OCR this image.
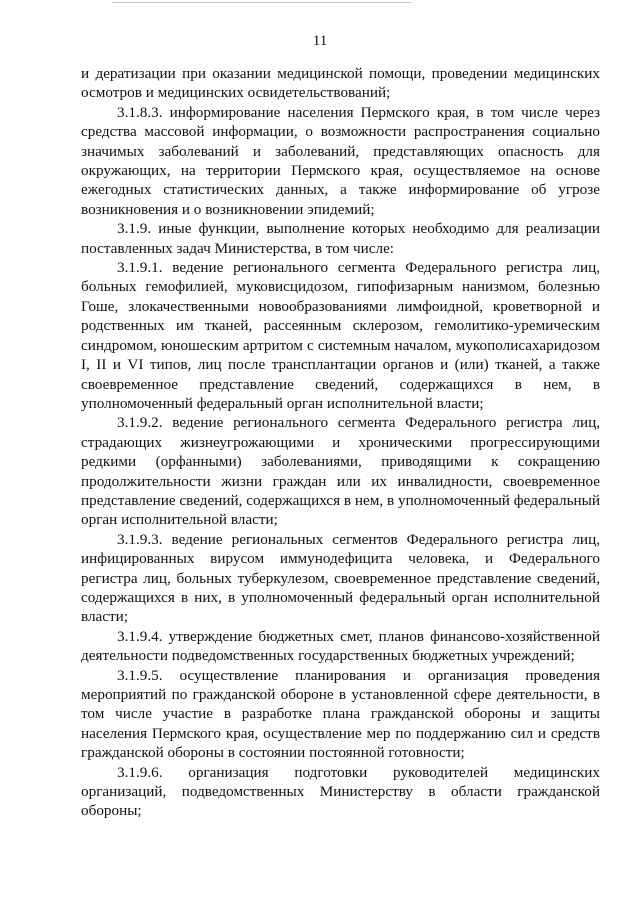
11

и дератизации при оказании медицинской помощи, проведении медицинских осмотров и медицинских освидетельствований;

3.1.8.3. информирование населения Пермского края, в том числе через средства массовой информации, о возможности распространения социально значимых заболеваний и заболеваний, представляющих опасность для окружающих, на территории Пермского края, осуществляемое на основе ежегодных статистических данных, а также информирование об угрозе возникновения и о возникновении эпидемий;

3.1.9. иные функции, выполнение которых необходимо для реализации поставленных задач Министерства, в том числе:

3.1.9.1. ведение регионального сегмента Федерального регистра лиц, больных гемофилией, муковисцидозом, гипофизарным нанизмом, болезнью Гоше, злокачественными новообразованиями лимфоидной, кроветворной и родственных им тканей, рассеянным склерозом, гемолитико-уремическим синдромом, юношеским артритом с системным началом, мукополисахаридозом I, II и VI типов, лиц после трансплантации органов и (или) тканей, а также своевременное представление сведений, содержащихся в нем, в уполномоченный федеральный орган исполнительной власти;

3.1.9.2. ведение регионального сегмента Федерального регистра лиц, страдающих жизнеугрожающими и хроническими прогрессирующими редкими (орфанными) заболеваниями, приводящими к сокращению продолжительности жизни граждан или их инвалидности, своевременное представление сведений, содержащихся в нем, в уполномоченный федеральный орган исполнительной власти;

3.1.9.3. ведение региональных сегментов Федерального регистра лиц, инфицированных вирусом иммунодефицита человека, и Федерального регистра лиц, больных туберкулезом, своевременное представление сведений, содержащихся в них, в уполномоченный федеральный орган исполнительной власти;

3.1.9.4. утверждение бюджетных смет, планов финансово-хозяйственной деятельности подведомственных государственных бюджетных учреждений;

3.1.9.5. осуществление планирования и организация проведения мероприятий по гражданской обороне в установленной сфере деятельности, в том числе участие в разработке плана гражданской обороны и защиты населения Пермского края, осуществление мер по поддержанию сил и средств гражданской обороны в состоянии постоянной готовности;

3.1.9.6. организация подготовки руководителей медицинских организаций, подведомственных Министерству в области гражданской обороны;
